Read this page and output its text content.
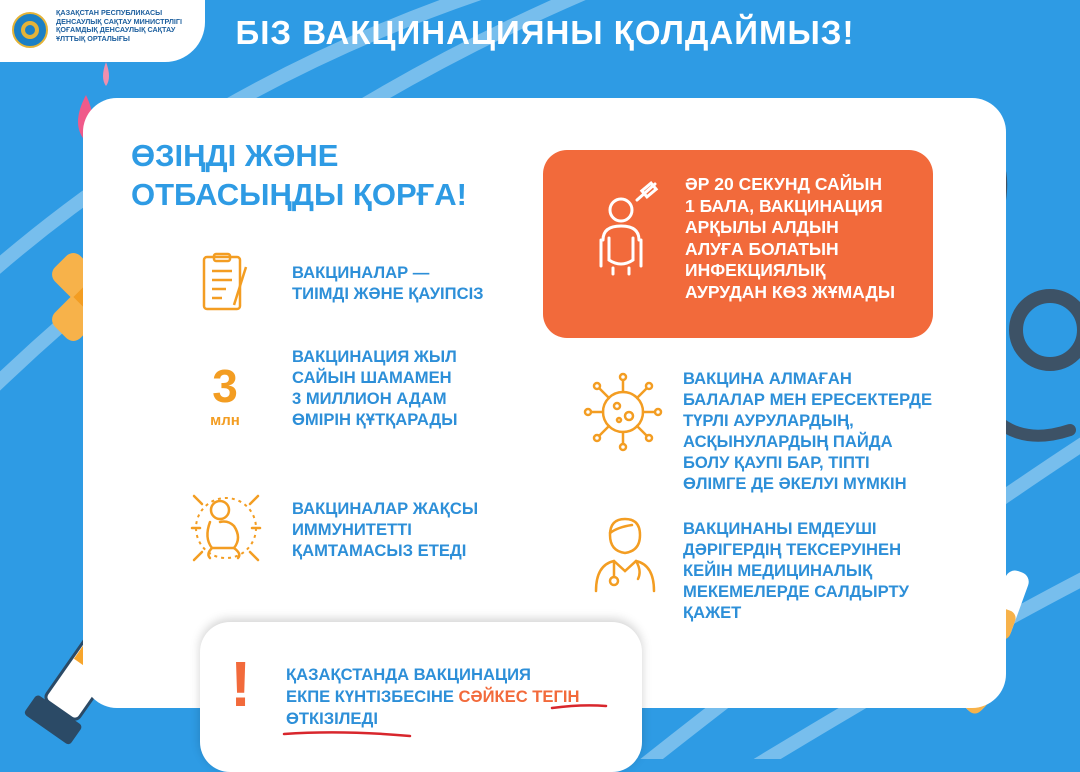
ҚАЗАҚСТАН РЕСПУБЛИКАСЫ
ДЕНСАУЛЫҚ САҚТАУ МИНИСТРЛІГІ
ҚОҒАМДЫҚ ДЕНСАУЛЫҚ САҚТАУ
ҰЛТТЫҚ ОРТАЛЫҒЫ	БІЗ ВАКЦИНАЦИЯНЫ ҚОЛДАЙМЫЗ!
ӨЗІҢДІ ЖӘНЕ
ОТБАСЫҢДЫ ҚОРҒА!
ВАКЦИНАЛАР —
ТИІМДІ ЖӘНЕ ҚАУІПСІЗ
3
млн
ВАКЦИНАЦИЯ ЖЫЛ
САЙЫН ШАМАМЕН
3 МИЛЛИОН АДАМ
ӨМІРІН ҚҰТҚАРАДЫ
ВАКЦИНАЛАР ЖАҚСЫ
ИММУНИТЕТТІ
ҚАМТАМАСЫЗ ЕТЕДІ
ӘР 20 СЕКУНД САЙЫН
1 БАЛА, ВАКЦИНАЦИЯ
АРҚЫЛЫ АЛДЫН
АЛУҒА БОЛАТЫН
ИНФЕКЦИЯЛЫҚ
АУРУДАН КӨЗ ЖҰМАДЫ
ВАКЦИНА АЛМАҒАН
БАЛАЛАР МЕН ЕРЕСЕКТЕРДЕ
ТҮРЛІ АУРУЛАРДЫҢ,
АСҚЫНУЛАРДЫҢ ПАЙДА
БОЛУ ҚАУПІ БАР, ТІПТІ
ӨЛІМГЕ ДЕ ӘКЕЛУІ МҮМКІН
ВАКЦИНАНЫ ЕМДЕУШІ
ДӘРІГЕРДІҢ ТЕКСЕРУІНЕН
КЕЙІН МЕДИЦИНАЛЫҚ
МЕКЕМЕЛЕРДЕ САЛДЫРТУ
ҚАЖЕТ
! ҚАЗАҚСТАНДА ВАКЦИНАЦИЯ
ЕКПЕ КҮНТІЗБЕСІНЕ СӘЙКЕС ТЕГІН
ӨТКІЗІЛЕДІ
